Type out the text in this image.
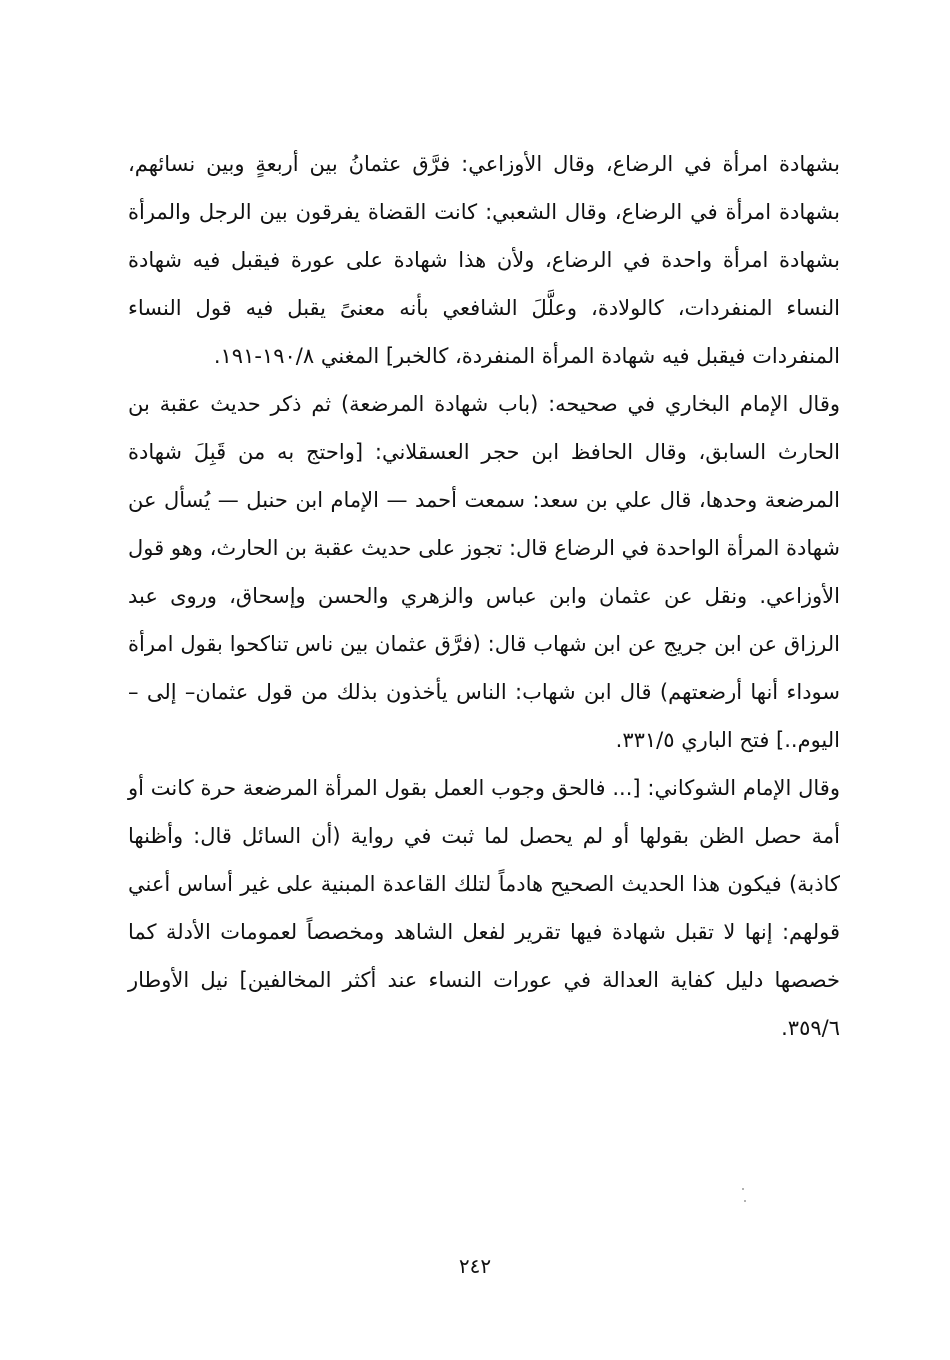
بشهادة امرأة في الرضاع، وقال الأوزاعي: فرَّق عثمانُ بين أربعةٍ وبين نسائهم، بشهادة امرأة في الرضاع، وقال الشعبي: كانت القضاة يفرقون بين الرجل والمرأة بشهادة امرأة واحدة في الرضاع، ولأن هذا شهادة على عورة فيقبل فيه شهادة النساء المنفردات، كالولادة، وعلَّلَ الشافعي بأنه معنىً يقبل فيه قول النساء المنفردات فيقبل فيه شهادة المرأة المنفردة، كالخبر] المغني ١٩٠/٨-١٩١.

وقال الإمام البخاري في صحيحه: (باب شهادة المرضعة) ثم ذكر حديث عقبة بن الحارث السابق، وقال الحافظ ابن حجر العسقلاني: [واحتج به من قَبِلَ شهادة المرضعة وحدها، قال علي بن سعد: سمعت أحمد — الإمام ابن حنبل — يُسأل عن شهادة المرأة الواحدة في الرضاع قال: تجوز على حديث عقبة بن الحارث، وهو قول الأوزاعي. ونقل عن عثمان وابن عباس والزهري والحسن وإسحاق، وروى عبد الرزاق عن ابن جريج عن ابن شهاب قال: (فرَّق عثمان بين ناس تناكحوا بقول امرأة سوداء أنها أرضعتهم) قال ابن شهاب: الناس يأخذون بذلك من قول عثمان– إلى – اليوم..] فتح الباري ٣٣١/٥.

وقال الإمام الشوكاني: [... فالحق وجوب العمل بقول المرأة المرضعة حرة كانت أو أمة حصل الظن بقولها أو لم يحصل لما ثبت في رواية (أن السائل قال: وأظنها كاذبة) فيكون هذا الحديث الصحيح هادماً لتلك القاعدة المبنية على غير أساس أعني قولهم: إنها لا تقبل شهادة فيها تقرير لفعل الشاهد ومخصصاً لعمومات الأدلة كما خصصها دليل كفاية العدالة في عورات النساء عند أكثر المخالفين] نيل الأوطار ٣٥٩/٦.

٢٤٢
